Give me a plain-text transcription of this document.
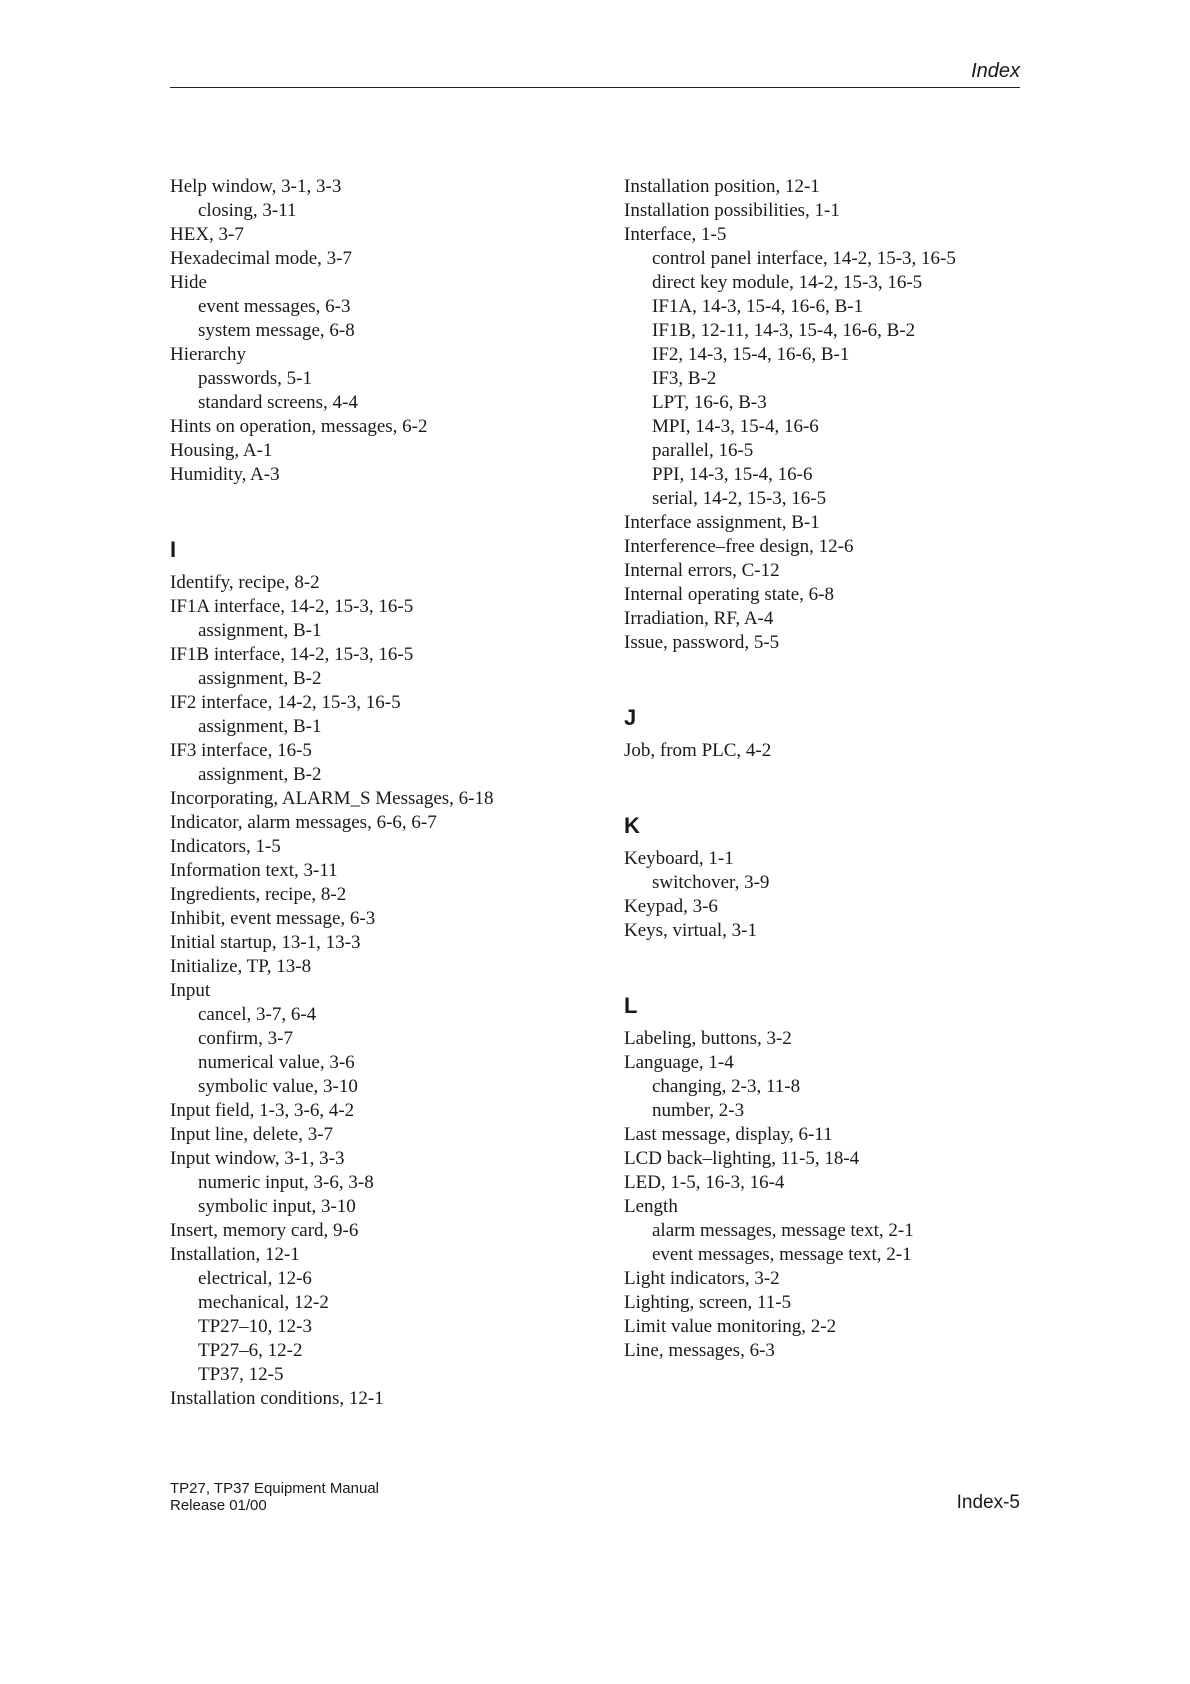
Index
Help window, 3-1, 3-3
closing, 3-11
HEX, 3-7
Hexadecimal mode, 3-7
Hide
event messages, 6-3
system message, 6-8
Hierarchy
passwords, 5-1
standard screens, 4-4
Hints on operation, messages, 6-2
Housing, A-1
Humidity, A-3
I
Identify, recipe, 8-2
IF1A interface, 14-2, 15-3, 16-5
assignment, B-1
IF1B interface, 14-2, 15-3, 16-5
assignment, B-2
IF2 interface, 14-2, 15-3, 16-5
assignment, B-1
IF3 interface, 16-5
assignment, B-2
Incorporating, ALARM_S Messages, 6-18
Indicator, alarm messages, 6-6, 6-7
Indicators, 1-5
Information text, 3-11
Ingredients, recipe, 8-2
Inhibit, event message, 6-3
Initial startup, 13-1, 13-3
Initialize, TP, 13-8
Input
cancel, 3-7, 6-4
confirm, 3-7
numerical value, 3-6
symbolic value, 3-10
Input field, 1-3, 3-6, 4-2
Input line, delete, 3-7
Input window, 3-1, 3-3
numeric input, 3-6, 3-8
symbolic input, 3-10
Insert, memory card, 9-6
Installation, 12-1
electrical, 12-6
mechanical, 12-2
TP27–10, 12-3
TP27–6, 12-2
TP37, 12-5
Installation conditions, 12-1
Installation position, 12-1
Installation possibilities, 1-1
Interface, 1-5
control panel interface, 14-2, 15-3, 16-5
direct key module, 14-2, 15-3, 16-5
IF1A, 14-3, 15-4, 16-6, B-1
IF1B, 12-11, 14-3, 15-4, 16-6, B-2
IF2, 14-3, 15-4, 16-6, B-1
IF3, B-2
LPT, 16-6, B-3
MPI, 14-3, 15-4, 16-6
parallel, 16-5
PPI, 14-3, 15-4, 16-6
serial, 14-2, 15-3, 16-5
Interface assignment, B-1
Interference–free design, 12-6
Internal errors, C-12
Internal operating state, 6-8
Irradiation, RF, A-4
Issue, password, 5-5
J
Job, from PLC, 4-2
K
Keyboard, 1-1
switchover, 3-9
Keypad, 3-6
Keys, virtual, 3-1
L
Labeling, buttons, 3-2
Language, 1-4
changing, 2-3, 11-8
number, 2-3
Last message, display, 6-11
LCD back–lighting, 11-5, 18-4
LED, 1-5, 16-3, 16-4
Length
alarm messages, message text, 2-1
event messages, message text, 2-1
Light indicators, 3-2
Lighting, screen, 11-5
Limit value monitoring, 2-2
Line, messages, 6-3
TP27, TP37 Equipment Manual
Release 01/00	Index-5
